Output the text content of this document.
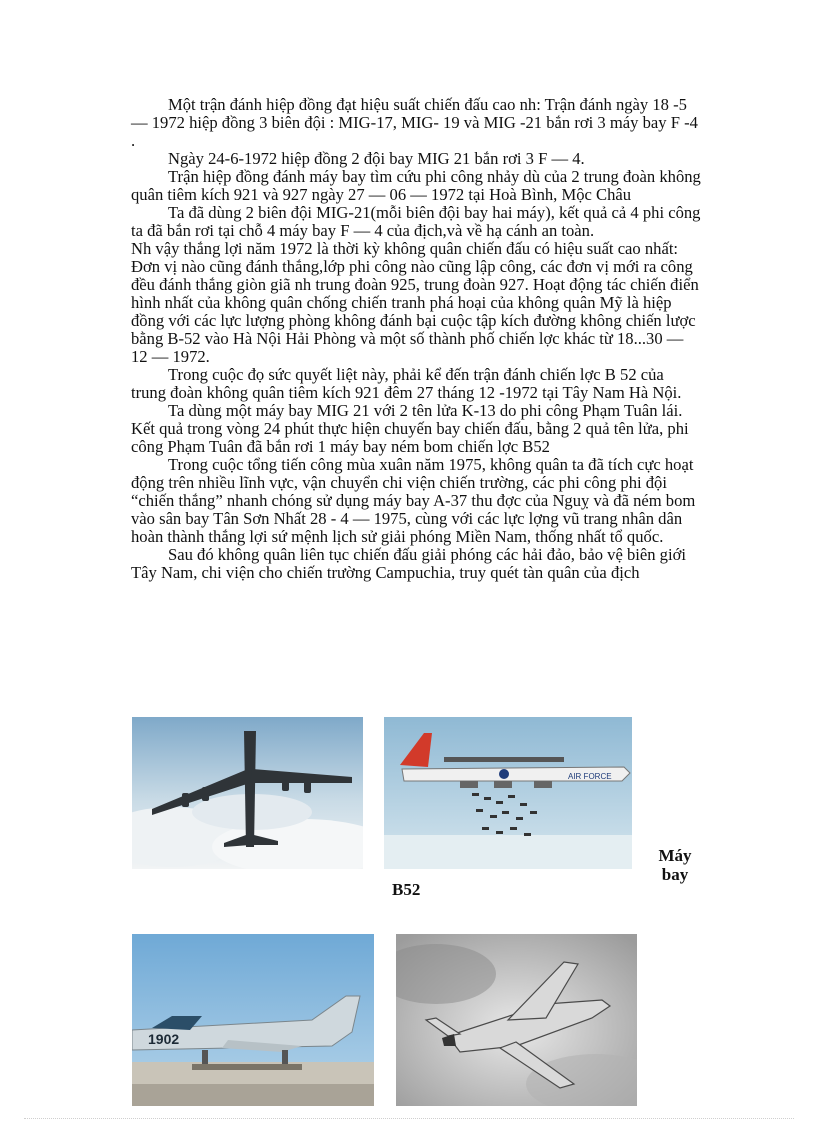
Một trận đánh hiệp đồng đạt hiệu suất chiến đấu cao nh: Trận đánh ngày 18 -5 — 1972 hiệp đồng 3 biên đội : MIG-17, MIG- 19 và MIG -21 bắn rơi 3 máy bay F -4 .

Ngày 24-6-1972 hiệp đồng 2 đội bay MIG 21 bắn rơi 3 F — 4.

Trận hiệp đồng đánh máy bay tìm cứu phi công nhảy dù của 2 trung đoàn không quân tiêm kích 921 và 927 ngày 27 — 06 — 1972 tại Hoà Bình, Mộc Châu

Ta đã dùng 2 biên đội MIG-21(mỗi biên đội bay hai máy), kết quả cả 4 phi công ta đã bắn rơi tại chỗ 4 máy bay F — 4 của địch,và về hạ cánh an toàn.

Nh vậy thắng lợi năm 1972 là thời kỳ không quân chiến đấu có hiệu suất cao nhất: Đơn vị nào cũng đánh thắng,lớp phi công nào cũng lập công, các đơn vị mới ra công đều đánh thắng giòn giã nh trung đoàn 925, trung đoàn 927. Hoạt động tác chiến điển hình nhất của không quân chống chiến tranh phá hoại của không quân Mỹ là hiệp đồng với các lực lượng phòng không đánh bại cuộc tập kích đường không chiến lược bằng B-52 vào Hà Nội Hải Phòng và một số thành phố chiến lợc khác từ 18...30 — 12 — 1972.

Trong cuộc đọ sức quyết liệt này, phải kể đến trận đánh chiến lợc B 52 của trung đoàn không quân tiêm kích 921 đêm 27 tháng 12 -1972 tại Tây Nam Hà Nội.

Ta dùng một máy bay MIG 21 với 2 tên lửa K-13 do phi công Phạm Tuân lái. Kết quả trong vòng 24 phút thực hiện chuyến bay chiến đấu, bằng 2 quả tên lửa, phi công Phạm Tuân đã bắn rơi 1 máy bay ném bom chiến lợc B52

Trong cuộc tổng tiến công mùa xuân năm 1975, không quân ta đã tích cực hoạt động trên nhiều lĩnh vực, vận chuyển chi viện chiến trường, các phi công phi đội “chiến thắng” nhanh chóng sử dụng máy bay A-37 thu đợc của Nguỵ và đã ném bom vào sân bay Tân Sơn Nhất 28 - 4 — 1975, cùng với các lực lợng vũ trang nhân dân hoàn thành thắng lợi sứ mệnh lịch sử giải phóng Miền Nam, thống nhất tổ quốc.

Sau đó không quân liên tục chiến đấu giải phóng các hải đảo, bảo vệ biên giới Tây Nam, chi viện cho chiến trường Campuchia, truy quét tàn quân của địch

AIR FORCE
Máy bay
B52
1902
